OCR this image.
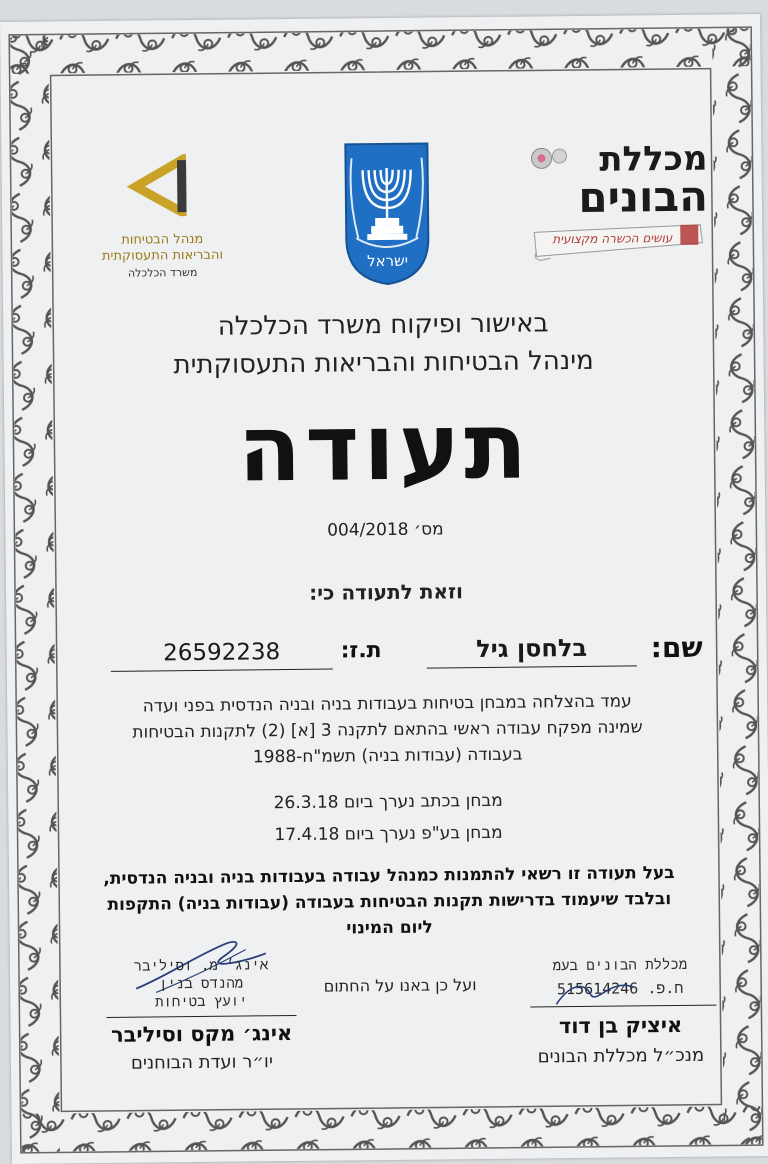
מכללת
הבונים
עושים הכשרה מקצועית
ישראל
מנהל הבטיחות
והבריאות התעסוקתית
משרד הכלכלה
באישור ופיקוח משרד הכלכלה
מינהל הבטיחות והבריאות התעסוקתית
תעודה
מס׳ 004/2018
וזאת לתעודה כי:
שם:
בלחסן גיל
ת.ז:
26592238
עמד בהצלחה במבחן בטיחות בעבודות בניה ובניה הנדסית בפני ועדה
שמינה מפקח עבודה ראשי בהתאם לתקנה 3 [א] (2) לתקנות הבטיחות
בעבודה (עבודות בניה) תשמ"ח-1988
מבחן בכתב נערך ביום 26.3.18
מבחן בע"פ נערך ביום 17.4.18
בעל תעודה זו רשאי להתמנות כמנהל עבודה בעבודות בניה ובניה הנדסית,
ובלבד שיעמוד בדרישות תקנות הבטיחות בעבודה (עבודות בניה) התקפות
ליום המינוי
ועל כן באנו על החתום
אינג׳ מ. וסיליבר
מהנדס בנין
יועץ בטיחות
אינג׳ מקס וסיליבר
יו״ר ועדת הבוחנים
מכללת הבונים בעמ
ח.פ. 515614246
איציק בן דוד
מנכ״ל מכללת הבונים
